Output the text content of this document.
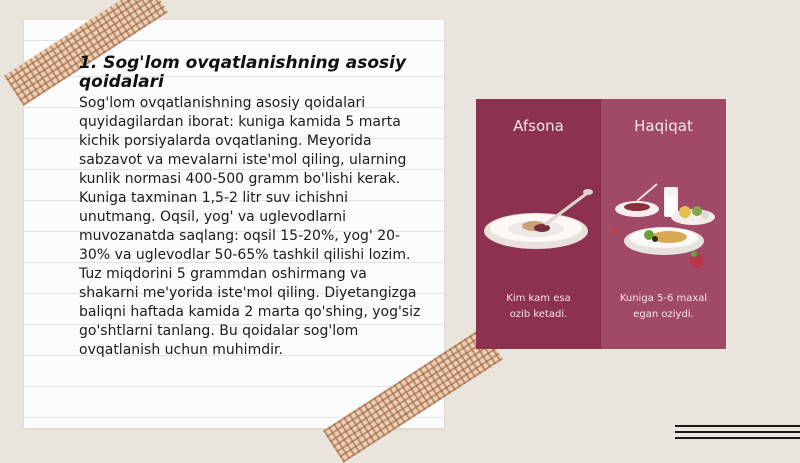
1. Sog'lom ovqatlanishning asosiy qoidalari
Sog'lom ovqatlanishning asosiy qoidalari quyidagilardan iborat: kuniga kamida 5 marta kichik porsiyalarda ovqatlaning. Meyorida sabzavot va mevalarni iste'mol qiling, ularning kunlik normasi 400-500 gramm bo'lishi kerak. Kuniga taxminan 1,5-2 litr suv ichishni unutmang. Oqsil, yog' va uglevodlarni muvozanatda saqlang: oqsil 15-20%, yog' 20-30% va uglevodlar 50-65% tashkil qilishi lozim. Tuz miqdorini 5 grammdan oshirmang va shakarni me'yorida iste'mol qiling. Diyetangizga baliqni haftada kamida 2 marta qo'shing, yog'siz go'shtlarni tanlang. Bu qoidalar sog'lom ovqatlanish uchun muhimdir.
Afsona
Kim kam esa
ozib ketadi.
Haqiqat
Kuniga 5-6 maxal
egan oziydi.
